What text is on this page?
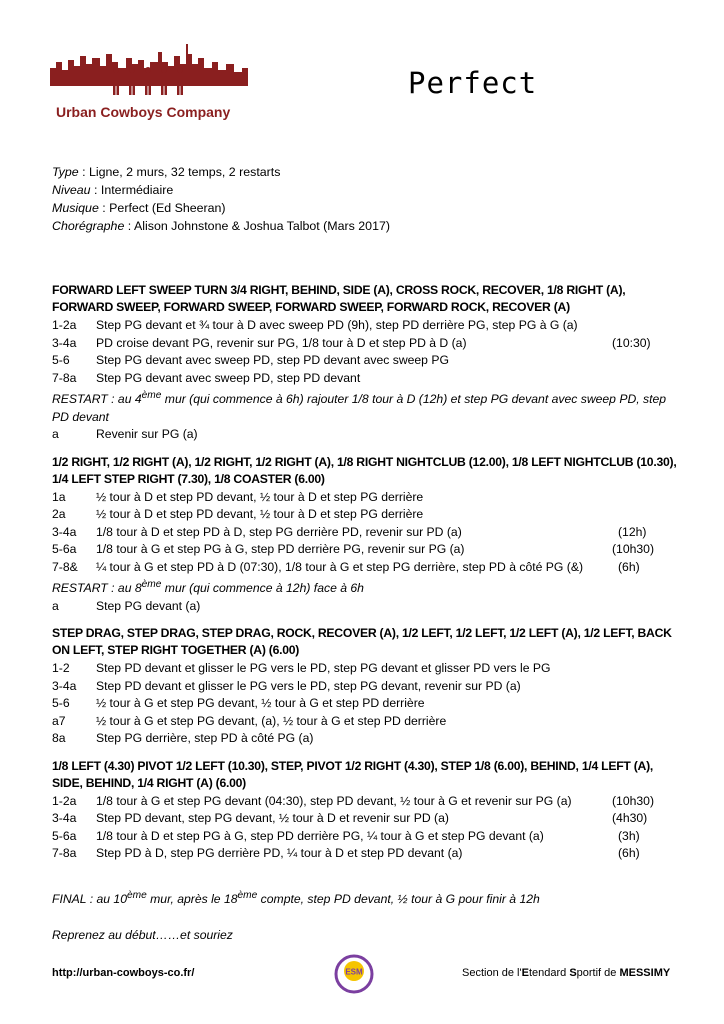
Urban Cowboys Company
Perfect
Type : Ligne, 2 murs, 32 temps, 2 restarts
Niveau : Intermédiaire
Musique : Perfect (Ed Sheeran)
Chorégraphe : Alison Johnstone & Joshua Talbot (Mars 2017)
FORWARD LEFT SWEEP TURN 3/4 RIGHT, BEHIND, SIDE (A), CROSS ROCK, RECOVER, 1/8 RIGHT (A), FORWARD SWEEP, FORWARD SWEEP, FORWARD SWEEP, FORWARD ROCK, RECOVER (A)
1-2a	Step PG devant et ¾ tour à D avec sweep PD (9h), step PD derrière PG, step PG à G (a)
3-4a	PD croise devant PG, revenir sur PG, 1/8 tour à D et step PD à D (a)	(10:30)
5-6	Step PG devant avec sweep PD, step PD devant avec sweep PG
7-8a	Step PG devant avec sweep PD, step PD devant
RESTART : au 4ème mur (qui commence à 6h) rajouter 1/8 tour à D (12h) et step PG devant avec sweep PD, step PD devant
a	Revenir sur PG (a)
1/2 RIGHT, 1/2 RIGHT (A), 1/2 RIGHT, 1/2 RIGHT (A), 1/8 RIGHT NIGHTCLUB (12.00), 1/8 LEFT NIGHTCLUB (10.30), 1/4 LEFT STEP RIGHT (7.30), 1/8 COASTER (6.00)
1a	½ tour à D et step PD devant, ½ tour à D et step PG derrière
2a	½ tour à D et step PD devant, ½ tour à D et step PG derrière
3-4a	1/8 tour à D et step PD à D, step PG derrière PD, revenir sur PD (a)	(12h)
5-6a	1/8 tour à G et step PG à G, step PD derrière PG, revenir sur PG (a)	(10h30)
7-8&	¼ tour à G et step PD à D (07:30), 1/8 tour à G et step PG derrière, step PD à côté PG (&)	(6h)
RESTART : au 8ème mur (qui commence à 12h) face à 6h
a	Step PG devant (a)
STEP DRAG, STEP DRAG, STEP DRAG, ROCK, RECOVER (A), 1/2 LEFT, 1/2 LEFT, 1/2 LEFT (A), 1/2 LEFT, BACK ON LEFT, STEP RIGHT TOGETHER (A) (6.00)
1-2	Step PD devant et glisser le PG vers le PD, step PG devant et glisser PD vers le PG
3-4a	Step PD devant et glisser le PG vers le PD, step PG devant, revenir sur PD (a)
5-6	½ tour à G et step PG devant, ½ tour à G et step PD derrière
a7	½ tour à G et step PG devant, (a), ½ tour à G et step PD derrière
8a	Step PG derrière, step PD à côté PG (a)
1/8 LEFT (4.30) PIVOT 1/2 LEFT (10.30), STEP, PIVOT 1/2 RIGHT (4.30), STEP 1/8 (6.00), BEHIND, 1/4 LEFT (A), SIDE, BEHIND, 1/4 RIGHT (A) (6.00)
1-2a	1/8 tour à G et step PG devant (04:30), step PD devant, ½ tour à G et revenir sur PG (a)	(10h30)
3-4a	Step PD devant, step PG devant, ½ tour à D et revenir sur PD (a)	(4h30)
5-6a	1/8 tour à D et step PG à G, step PD derrière PG, ¼ tour à G et step PG devant (a)	(3h)
7-8a	Step PD à D, step PG derrière PD, ¼ tour à D et step PD devant (a)	(6h)
FINAL : au 10ème mur, après le 18ème compte, step PD devant, ½ tour à G pour finir à 12h
Reprenez au début……et souriez
http://urban-cowboys-co.fr/	ESM	Section de l'Etendard Sportif de MESSIMY
